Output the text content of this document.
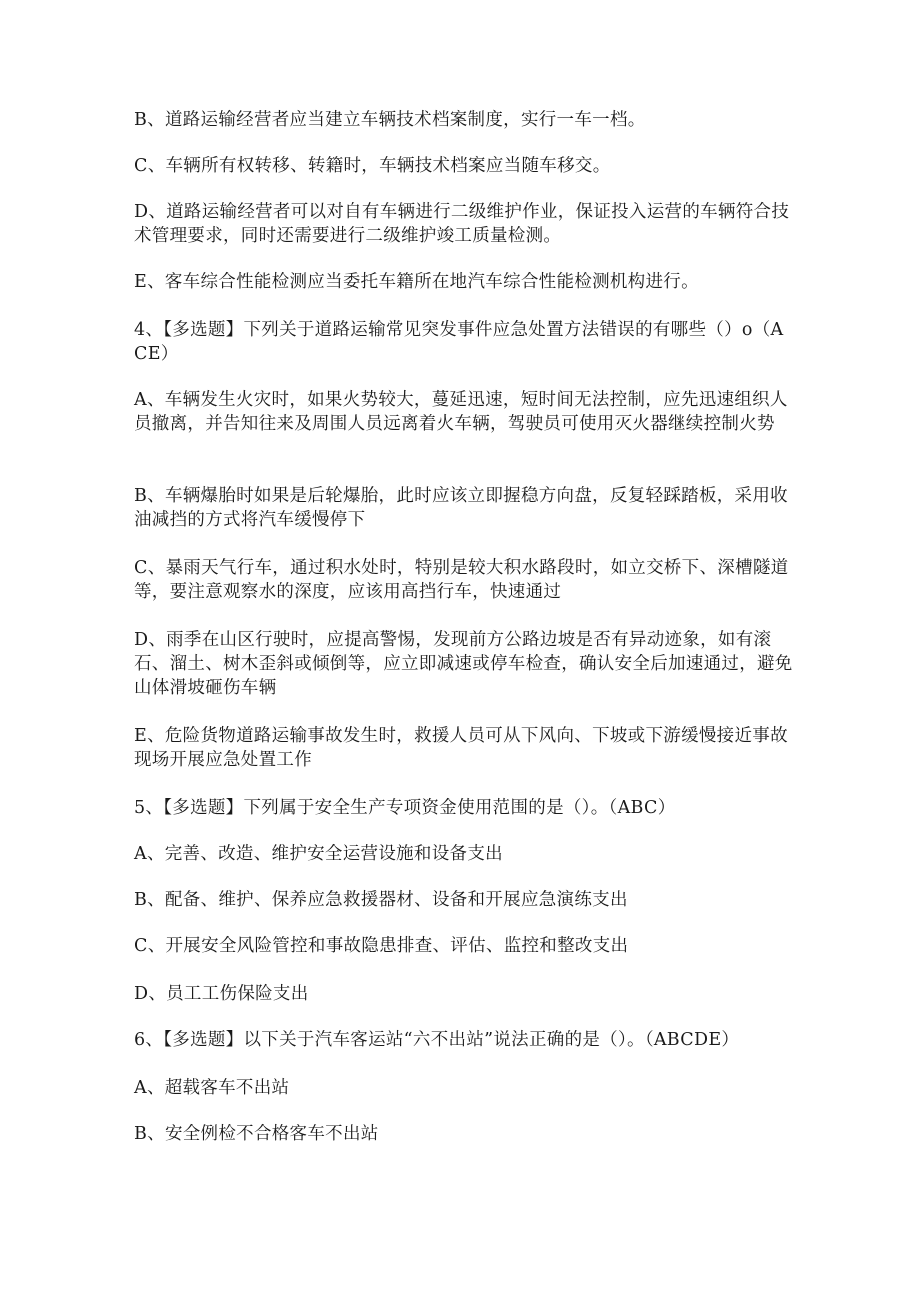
B、道路运输经营者应当建立车辆技术档案制度，实行一车一档。
C、车辆所有权转移、转籍时，车辆技术档案应当随车移交。
D、道路运输经营者可以对自有车辆进行二级维护作业，保证投入运营的车辆符合技术管理要求，同时还需要进行二级维护竣工质量检测。
E、客车综合性能检测应当委托车籍所在地汽车综合性能检测机构进行。
4、【多选题】下列关于道路运输常见突发事件应急处置方法错误的有哪些（）o（ACE）
A、车辆发生火灾时，如果火势较大，蔓延迅速，短时间无法控制，应先迅速组织人员撤离，并告知往来及周围人员远离着火车辆，驾驶员可使用灭火器继续控制火势
B、车辆爆胎时如果是后轮爆胎，此时应该立即握稳方向盘，反复轻踩踏板，采用收油减挡的方式将汽车缓慢停下
C、暴雨天气行车，通过积水处时，特别是较大积水路段时，如立交桥下、深槽隧道等，要注意观察水的深度，应该用高挡行车，快速通过
D、雨季在山区行驶时，应提高警惕，发现前方公路边坡是否有异动迹象，如有滚石、溜土、树木歪斜或倾倒等，应立即减速或停车检查，确认安全后加速通过，避免山体滑坡砸伤车辆
E、危险货物道路运输事故发生时，救援人员可从下风向、下坡或下游缓慢接近事故现场开展应急处置工作
5、【多选题】下列属于安全生产专项资金使用范围的是（）。（ABC）
A、完善、改造、维护安全运营设施和设备支出
B、配备、维护、保养应急救援器材、设备和开展应急演练支出
C、开展安全风险管控和事故隐患排查、评估、监控和整改支出
D、员工工伤保险支出
6、【多选题】以下关于汽车客运站“六不出站”说法正确的是（）。（ABCDE）
A、超载客车不出站
B、安全例检不合格客车不出站
